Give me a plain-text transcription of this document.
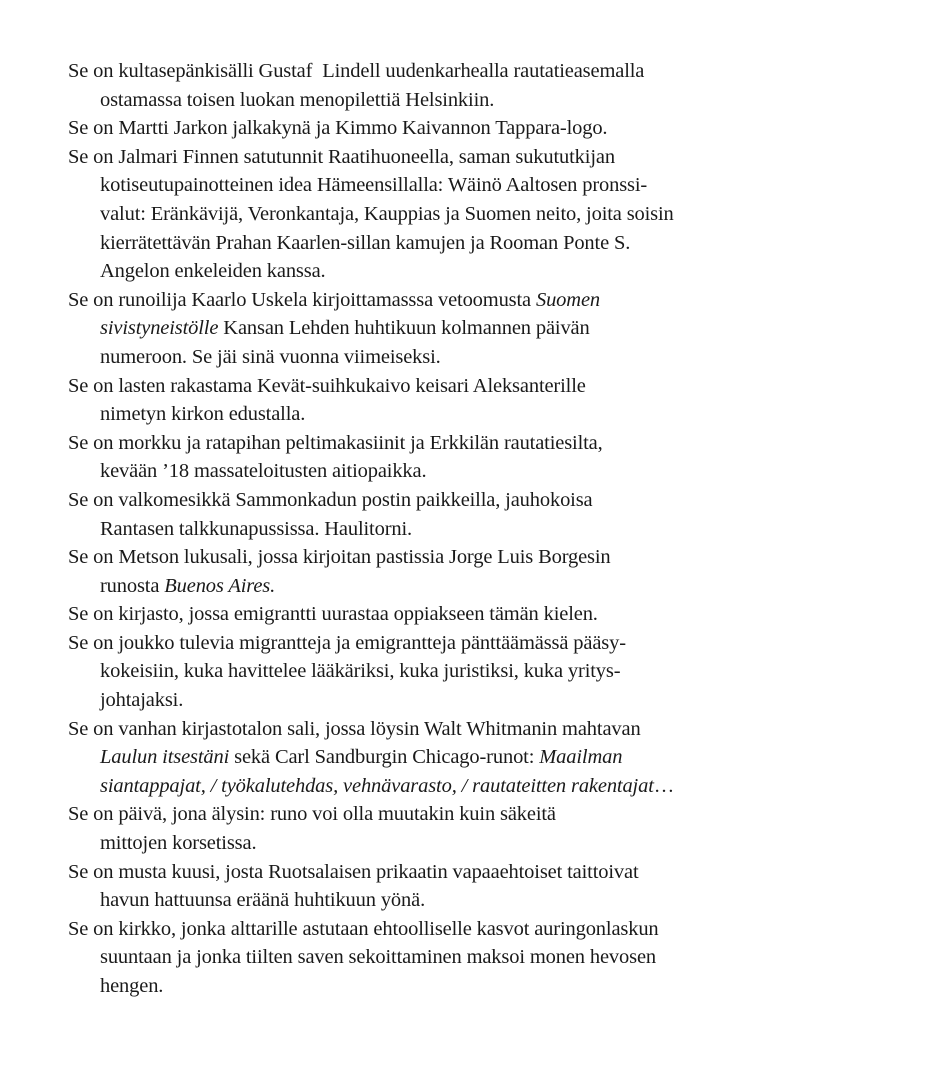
Se on kultasepänkisälli Gustaf  Lindell uudenkarhealla rautatieasemalla
ostamassa toisen luokan menopilettiä Helsinkiin.
Se on Martti Jarkon jalkakynä ja Kimmo Kaivannon Tappara-logo.
Se on Jalmari Finnen satutunnit Raatihuoneella, saman sukututkijan
kotiseutupainotteinen idea Hämeensillalla: Wäinö Aaltosen pronssi-
valut: Eränkävijä, Veronkantaja, Kauppias ja Suomen neito, joita soisin
kierrätettävän Prahan Kaarlen-sillan kamujen ja Rooman Ponte S.
Angelon enkeleiden kanssa.
Se on runoilija Kaarlo Uskela kirjoittamasssa vetoomusta Suomen
sivistyneistölle Kansan Lehden huhtikuun kolmannen päivän
numeroon. Se jäi sinä vuonna viimeiseksi.
Se on lasten rakastama Kevät-suihkukaivo keisari Aleksanterille
nimetyn kirkon edustalla.
Se on morkku ja ratapihan peltimakasiinit ja Erkkilän rautatiesilta,
kevään ’18 massateloitusten aitiopaikka.
Se on valkomesikkä Sammonkadun postin paikkeilla, jauhokoisa
Rantasen talkkunapussissa. Haulitorni.
Se on Metson lukusali, jossa kirjoitan pastissia Jorge Luis Borgesin
runosta Buenos Aires.
Se on kirjasto, jossa emigrantti uurastaa oppiakseen tämän kielen.
Se on joukko tulevia migrantteja ja emigrantteja pänttäämässä pääsy-
kokeisiin, kuka havittelee lääkäriksi, kuka juristiksi, kuka yritys-
johtajaksi.
Se on vanhan kirjastotalon sali, jossa löysin Walt Whitmanin mahtavan
Laulun itsestäni sekä Carl Sandburgin Chicago-runot: Maailman
siantappajat, / työkalutehdas, vehnävarasto, / rautateitten rakentajat…
Se on päivä, jona älysin: runo voi olla muutakin kuin säkeitä
mittojen korsetissa.
Se on musta kuusi, josta Ruotsalaisen prikaatin vapaaehtoiset taittoivat
havun hattuunsa eräänä huhtikuun yönä.
Se on kirkko, jonka alttarille astutaan ehtoolliselle kasvot auringonlaskun
suuntaan ja jonka tiilten saven sekoittaminen maksoi monen hevosen
hengen.
